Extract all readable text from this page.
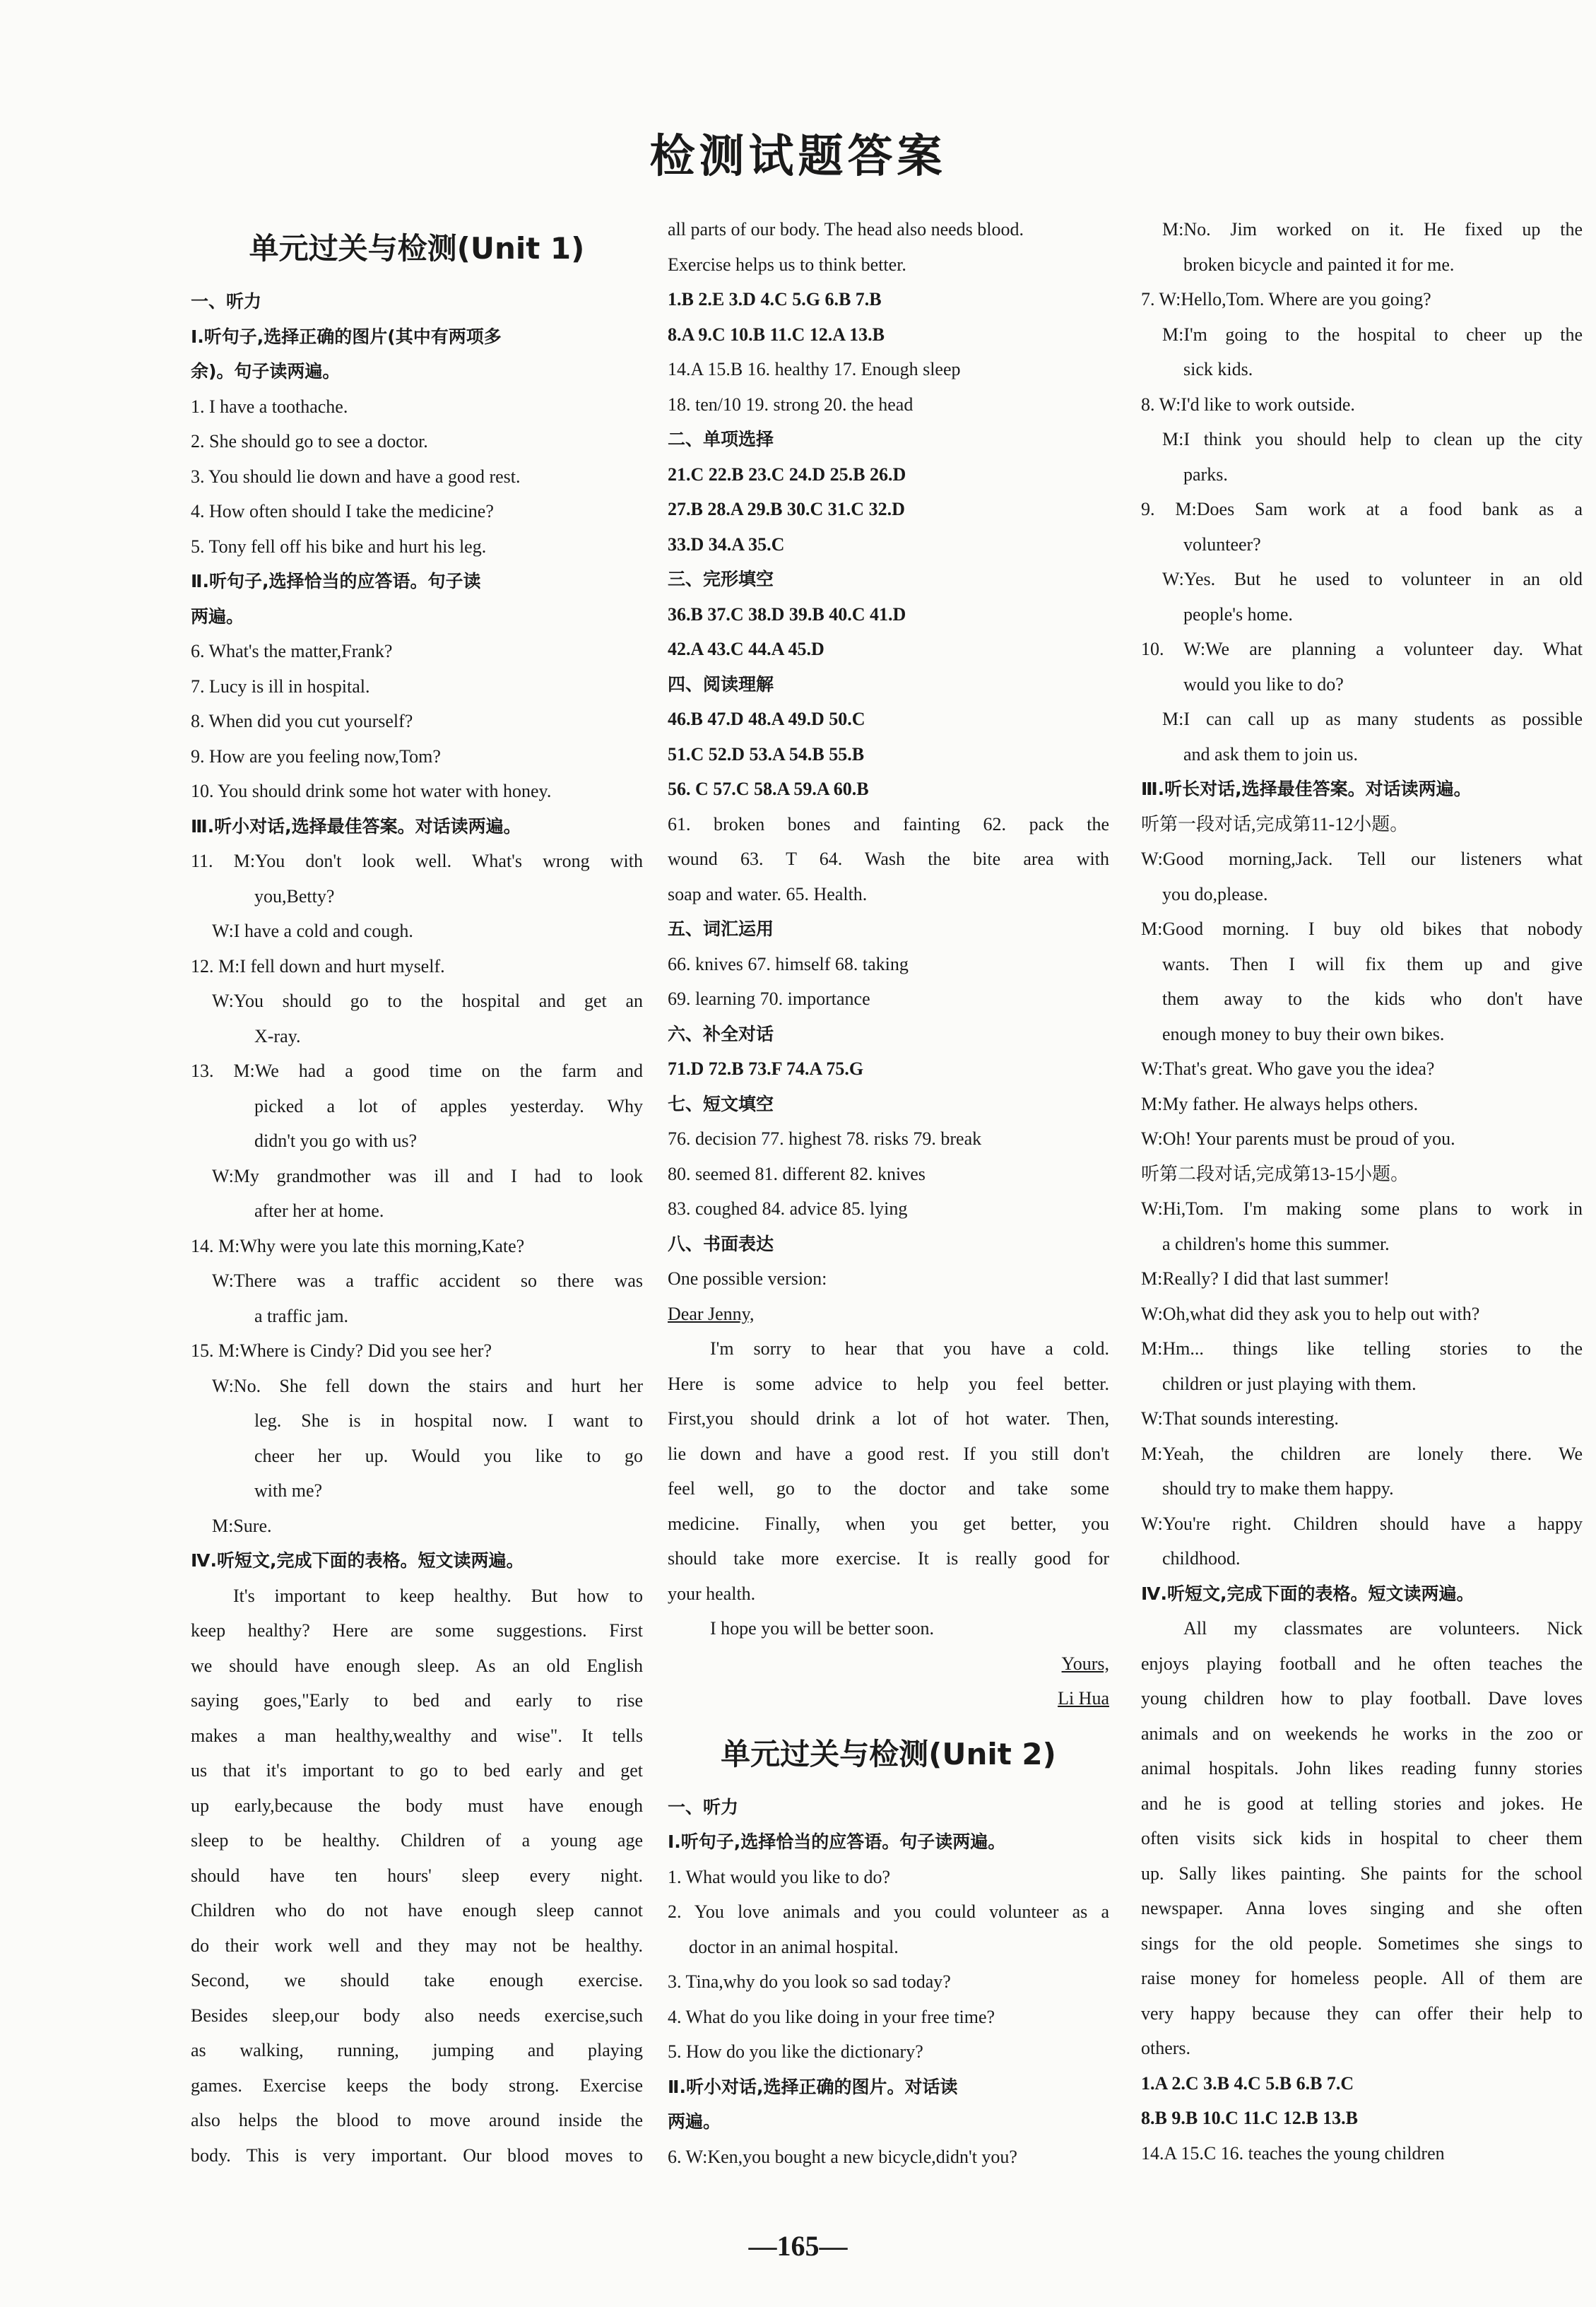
检测试题答案
单元过关与检测(Unit 1)
一、听力
Ⅰ.听句子,选择正确的图片(其中有两项多
余)。句子读两遍。
1. I have a toothache.
2. She should go to see a doctor.
3. You should lie down and have a good rest.
4. How often should I take the medicine?
5. Tony fell off his bike and hurt his leg.
Ⅱ.听句子,选择恰当的应答语。句子读
两遍。
6. What's the matter,Frank?
7. Lucy is ill in hospital.
8. When did you cut yourself?
9. How are you feeling now,Tom?
10. You should drink some hot water with honey.
Ⅲ.听小对话,选择最佳答案。对话读两遍。
11. M:You don't look well. What's wrong with
you,Betty?
W:I have a cold and cough.
12. M:I fell down and hurt myself.
W:You should go to the hospital and get an
X-ray.
13. M:We had a good time on the farm and
picked a lot of apples yesterday. Why
didn't you go with us?
W:My grandmother was ill and I had to look
after her at home.
14. M:Why were you late this morning,Kate?
W:There was a traffic accident so there was
a traffic jam.
15. M:Where is Cindy? Did you see her?
W:No. She fell down the stairs and hurt her
leg. She is in hospital now. I want to
cheer her up. Would you like to go
with me?
M:Sure.
Ⅳ.听短文,完成下面的表格。短文读两遍。
It's important to keep healthy. But how to
keep healthy? Here are some suggestions. First
we should have enough sleep. As an old English
saying goes,"Early to bed and early to rise
makes a man healthy,wealthy and wise". It tells
us that it's important to go to bed early and get
up early,because the body must have enough
sleep to be healthy. Children of a young age
should have ten hours' sleep every night.
Children who do not have enough sleep cannot
do their work well and they may not be healthy.
Second, we should take enough exercise.
Besides sleep,our body also needs exercise,such
as walking, running, jumping and playing
games. Exercise keeps the body strong. Exercise
also helps the blood to move around inside the
body. This is very important. Our blood moves to
all parts of our body. The head also needs blood.
Exercise helps us to think better.
1.B 2.E 3.D 4.C 5.G 6.B 7.B
8.A 9.C 10.B 11.C 12.A 13.B
14.A 15.B 16. healthy 17. Enough sleep
18. ten/10 19. strong 20. the head
二、单项选择
21.C 22.B 23.C 24.D 25.B 26.D
27.B 28.A 29.B 30.C 31.C 32.D
33.D 34.A 35.C
三、完形填空
36.B 37.C 38.D 39.B 40.C 41.D
42.A 43.C 44.A 45.D
四、阅读理解
46.B 47.D 48.A 49.D 50.C
51.C 52.D 53.A 54.B 55.B
56. C 57.C 58.A 59.A 60.B
61. broken bones and fainting 62. pack the
wound 63. T 64. Wash the bite area with
soap and water. 65. Health.
五、词汇运用
66. knives 67. himself 68. taking
69. learning 70. importance
六、补全对话
71.D 72.B 73.F 74.A 75.G
七、短文填空
76. decision 77. highest 78. risks 79. break
80. seemed 81. different 82. knives
83. coughed 84. advice 85. lying
八、书面表达
One possible version:
Dear Jenny,
I'm sorry to hear that you have a cold.
Here is some advice to help you feel better.
First,you should drink a lot of hot water. Then,
lie down and have a good rest. If you still don't
feel well, go to the doctor and take some
medicine. Finally, when you get better, you
should take more exercise. It is really good for
your health.
I hope you will be better soon.
Yours,
Li Hua
单元过关与检测(Unit 2)
一、听力
Ⅰ.听句子,选择恰当的应答语。句子读两遍。
1. What would you like to do?
2. You love animals and you could volunteer as a
doctor in an animal hospital.
3. Tina,why do you look so sad today?
4. What do you like doing in your free time?
5. How do you like the dictionary?
Ⅱ.听小对话,选择正确的图片。对话读
两遍。
6. W:Ken,you bought a new bicycle,didn't you?
M:No. Jim worked on it. He fixed up the
broken bicycle and painted it for me.
7. W:Hello,Tom. Where are you going?
M:I'm going to the hospital to cheer up the
sick kids.
8. W:I'd like to work outside.
M:I think you should help to clean up the city
parks.
9. M:Does Sam work at a food bank as a
volunteer?
W:Yes. But he used to volunteer in an old
people's home.
10. W:We are planning a volunteer day. What
would you like to do?
M:I can call up as many students as possible
and ask them to join us.
Ⅲ.听长对话,选择最佳答案。对话读两遍。
听第一段对话,完成第11-12小题。
W:Good morning,Jack. Tell our listeners what
you do,please.
M:Good morning. I buy old bikes that nobody
wants. Then I will fix them up and give
them away to the kids who don't have
enough money to buy their own bikes.
W:That's great. Who gave you the idea?
M:My father. He always helps others.
W:Oh! Your parents must be proud of you.
听第二段对话,完成第13-15小题。
W:Hi,Tom. I'm making some plans to work in
a children's home this summer.
M:Really? I did that last summer!
W:Oh,what did they ask you to help out with?
M:Hm... things like telling stories to the
children or just playing with them.
W:That sounds interesting.
M:Yeah, the children are lonely there. We
should try to make them happy.
W:You're right. Children should have a happy
childhood.
Ⅳ.听短文,完成下面的表格。短文读两遍。
All my classmates are volunteers. Nick
enjoys playing football and he often teaches the
young children how to play football. Dave loves
animals and on weekends he works in the zoo or
animal hospitals. John likes reading funny stories
and he is good at telling stories and jokes. He
often visits sick kids in hospital to cheer them
up. Sally likes painting. She paints for the school
newspaper. Anna loves singing and she often
sings for the old people. Sometimes she sings to
raise money for homeless people. All of them are
very happy because they can offer their help to
others.
1.A 2.C 3.B 4.C 5.B 6.B 7.C
8.B 9.B 10.C 11.C 12.B 13.B
14.A 15.C 16. teaches the young children
—165—
